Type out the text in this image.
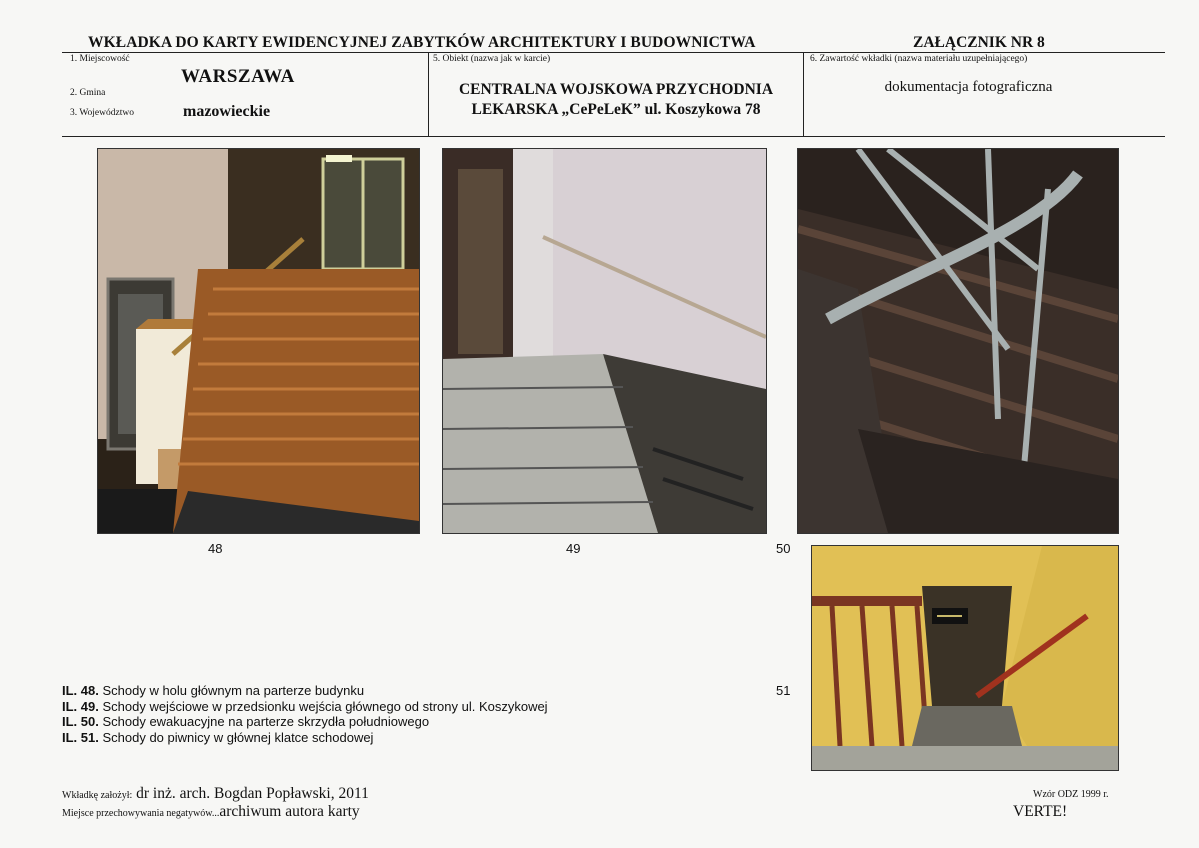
WKŁADKA DO KARTY EWIDENCYJNEJ ZABYTKÓW ARCHITEKTURY I BUDOWNICTWA	ZAŁĄCZNIK NR 8
1. Miejscowość
WARSZAWA
2. Gmina
3. Województwo	mazowieckie
5. Obiekt (nazwa jak w karcie)
CENTRALNA WOJSKOWA PRZYCHODNIA
LEKARSKA „CePeLeK” ul. Koszykowa 78
6. Zawartość wkładki (nazwa materiału uzupełniającego)
dokumentacja fotograficzna
48	49	50
51
IL. 48. Schody w holu głównym na parterze budynku
IL. 49. Schody wejściowe w przedsionku wejścia głównego od strony ul. Koszykowej
IL. 50. Schody ewakuacyjne na parterze skrzydła południowego
IL. 51. Schody do piwnicy w głównej klatce schodowej
Wkładkę założył: dr inż. arch. Bogdan Popławski, 2011
Miejsce przechowywania negatywów...archiwum autora karty
Wzór ODZ 1999 r.
VERTE!
